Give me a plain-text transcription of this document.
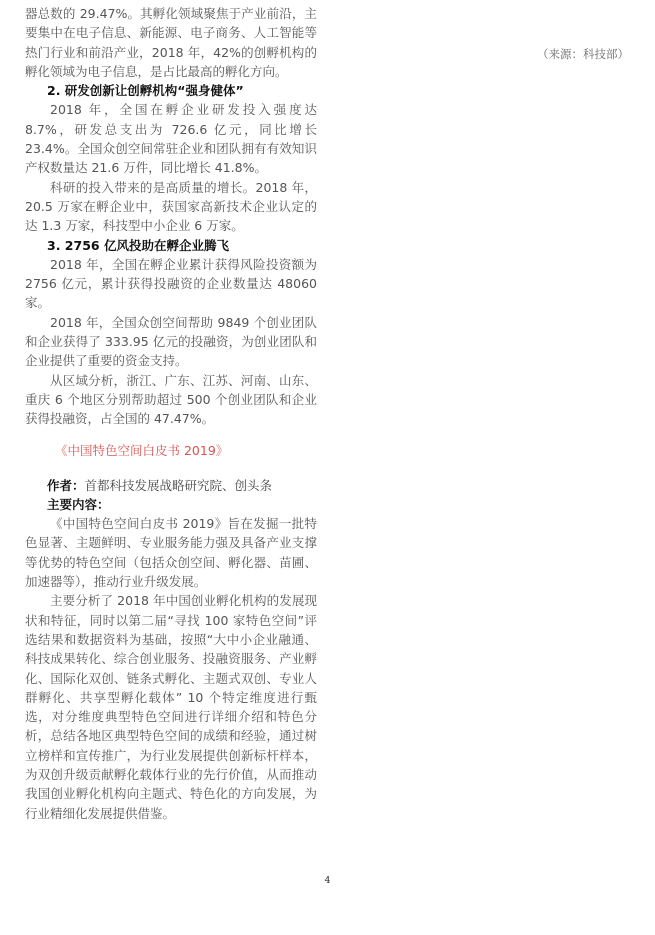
器总数的 29.47%。其孵化领域聚焦于产业前沿，主要集中在电子信息、新能源、电子商务、人工智能等热门行业和前沿产业，2018 年，42%的创孵机构的孵化领域为电子信息，是占比最高的孵化方向。

2. 研发创新让创孵机构“强身健体”

2018 年，全国在孵企业研发投入强度达 8.7%，研发总支出为 726.6 亿元，同比增长 23.4%。全国众创空间常驻企业和团队拥有有效知识产权数量达 21.6 万件，同比增长 41.8%。

科研的投入带来的是高质量的增长。2018 年，20.5 万家在孵企业中，获国家高新技术企业认定的达 1.3 万家，科技型中小企业 6 万家。

3. 2756 亿风投助在孵企业腾飞

2018 年，全国在孵企业累计获得风险投资额为 2756 亿元，累计获得投融资的企业数量达 48060 家。

2018 年，全国众创空间帮助 9849 个创业团队和企业获得了 333.95 亿元的投融资，为创业团队和企业提供了重要的资金支持。

从区域分析，浙江、广东、江苏、河南、山东、重庆 6 个地区分别帮助超过 500 个创业团队和企业获得投融资，占全国的 47.47%。

《中国特色空间白皮书 2019》

作者：首都科技发展战略研究院、创头条

主要内容：

《中国特色空间白皮书 2019》旨在发掘一批特色显著、主题鲜明、专业服务能力强及具备产业支撑等优势的特色空间（包括众创空间、孵化器、苗圃、加速器等），推动行业升级发展。

主要分析了 2018 年中国创业孵化机构的发展现状和特征，同时以第二届“寻找 100 家特色空间”评选结果和数据资料为基础，按照“大中小企业融通、科技成果转化、综合创业服务、投融资服务、产业孵化、国际化双创、链条式孵化、主题式双创、专业人群孵化、共享型孵化载体” 10 个特定维度进行甄选，对分维度典型特色空间进行详细介绍和特色分析，总结各地区典型特色空间的成绩和经验，通过树立榜样和宣传推广，为行业发展提供创新标杆样本，为双创升级贡献孵化载体行业的先行价值，从而推动我国创业孵化机构向主题式、特色化的方向发展，为行业精细化发展提供借鉴。

（来源：科技部）
4
